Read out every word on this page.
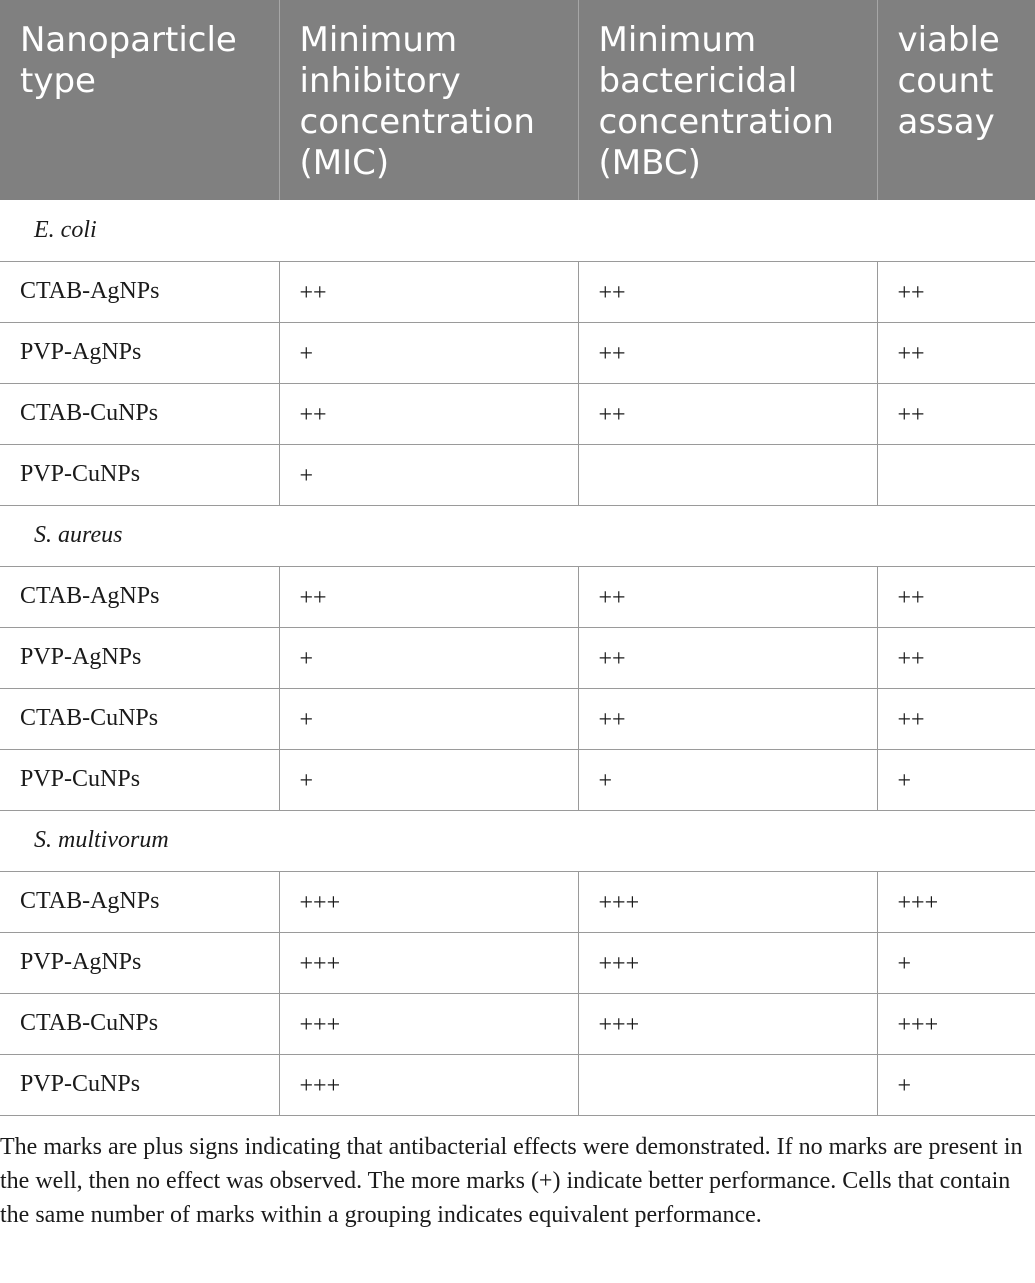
Nanoparticle type	Minimum inhibitory concentration (MIC)	Minimum bactericidal concentration (MBC)	viable count assay
E. coli			
CTAB-AgNPs	++	++	++
PVP-AgNPs	+	++	++
CTAB-CuNPs	++	++	++
PVP-CuNPs	+		
S. aureus			
CTAB-AgNPs	++	++	++
PVP-AgNPs	+	++	++
CTAB-CuNPs	+	++	++
PVP-CuNPs	+	+	+
S. multivorum			
CTAB-AgNPs	+++	+++	+++
PVP-AgNPs	+++	+++	+
CTAB-CuNPs	+++	+++	+++
PVP-CuNPs	+++		+

The marks are plus signs indicating that antibacterial effects were demonstrated. If no marks are present in the well, then no effect was observed. The more marks (+) indicate better performance. Cells that contain the same number of marks within a grouping indicates equivalent performance.
